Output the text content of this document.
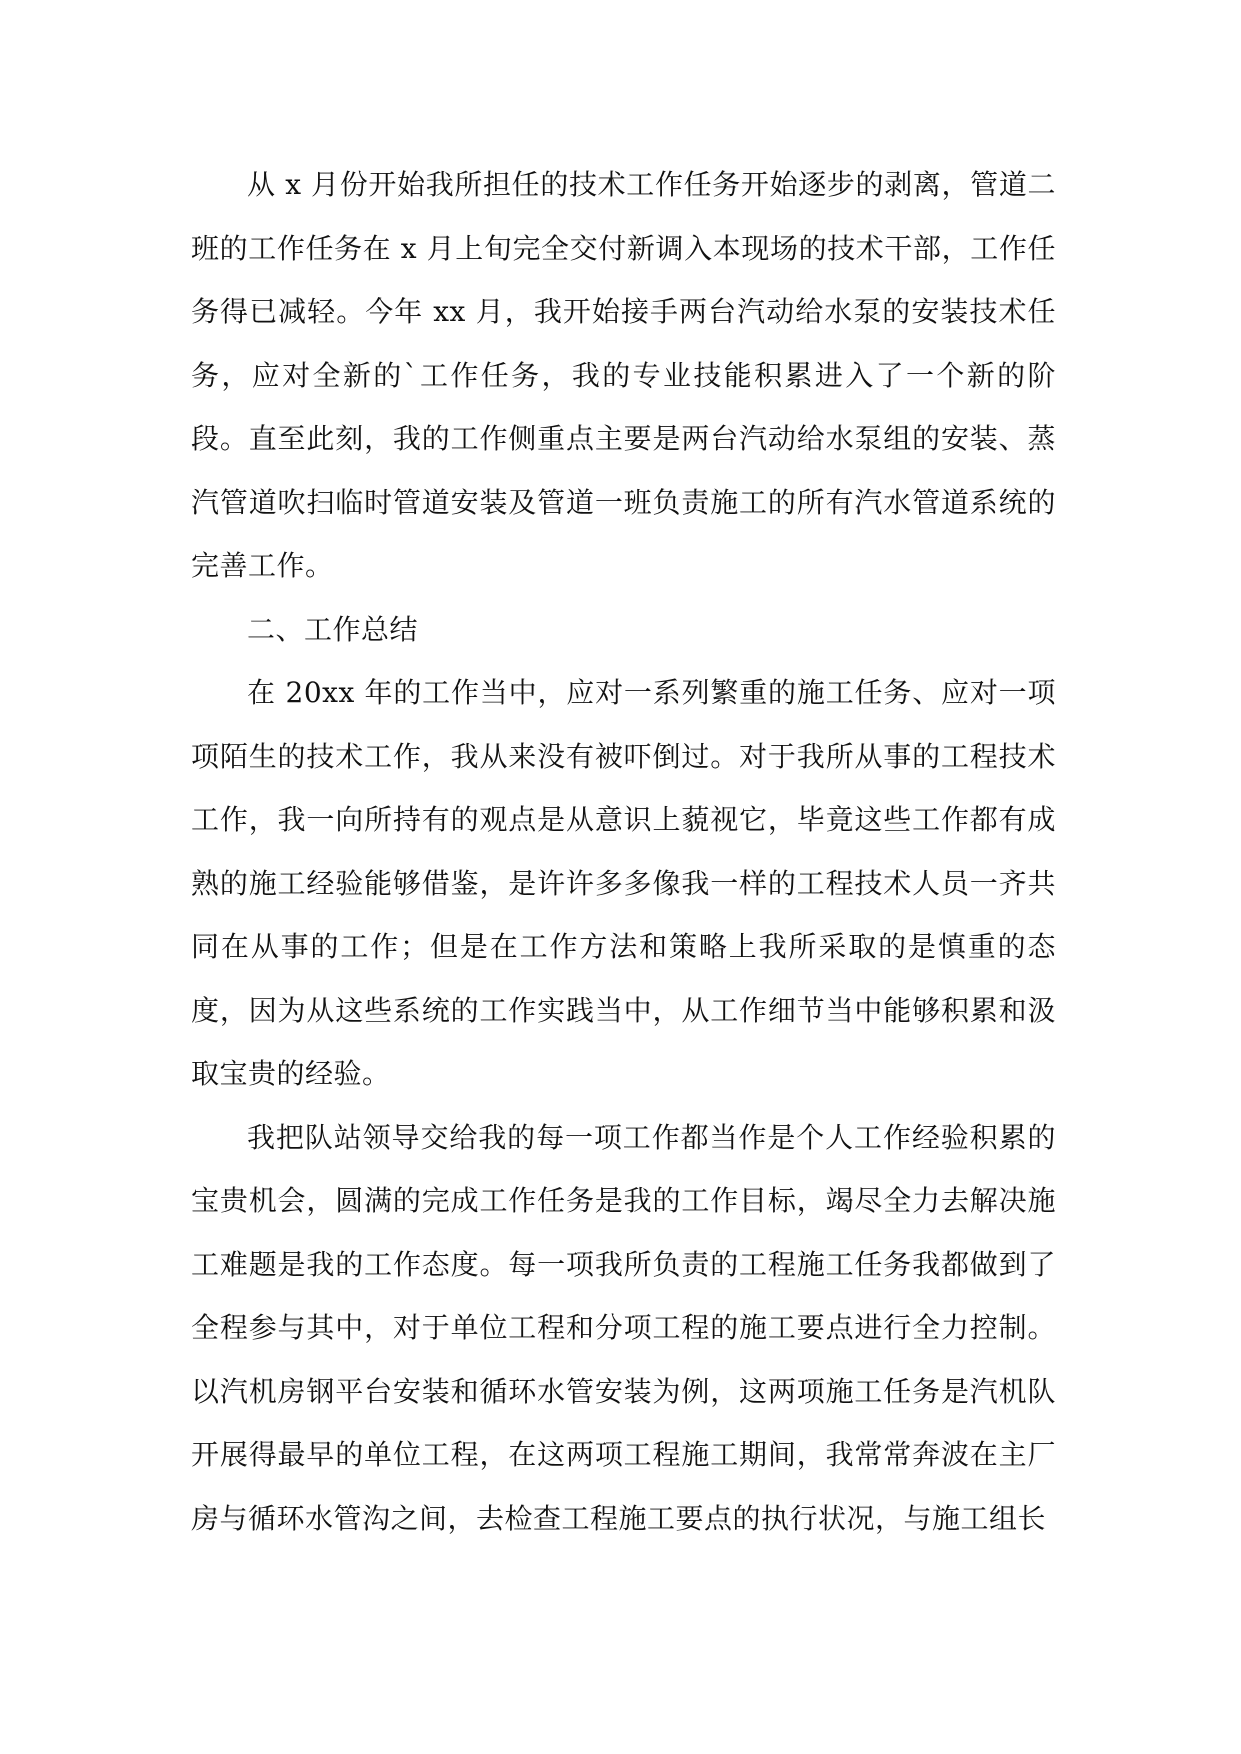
从 x 月份开始我所担任的技术工作任务开始逐步的剥离，管道二班的工作任务在 x 月上旬完全交付新调入本现场的技术干部，工作任务得已减轻。今年 xx 月，我开始接手两台汽动给水泵的安装技术任务，应对全新的`工作任务，我的专业技能积累进入了一个新的阶段。直至此刻，我的工作侧重点主要是两台汽动给水泵组的安装、蒸汽管道吹扫临时管道安装及管道一班负责施工的所有汽水管道系统的完善工作。

二、工作总结

在 20xx 年的工作当中，应对一系列繁重的施工任务、应对一项项陌生的技术工作，我从来没有被吓倒过。对于我所从事的工程技术工作，我一向所持有的观点是从意识上藐视它，毕竟这些工作都有成熟的施工经验能够借鉴，是许许多多像我一样的工程技术人员一齐共同在从事的工作；但是在工作方法和策略上我所采取的是慎重的态度，因为从这些系统的工作实践当中，从工作细节当中能够积累和汲取宝贵的经验。

我把队站领导交给我的每一项工作都当作是个人工作经验积累的宝贵机会，圆满的完成工作任务是我的工作目标，竭尽全力去解决施工难题是我的工作态度。每一项我所负责的工程施工任务我都做到了全程参与其中，对于单位工程和分项工程的施工要点进行全力控制。以汽机房钢平台安装和循环水管安装为例，这两项施工任务是汽机队开展得最早的单位工程，在这两项工程施工期间，我常常奔波在主厂房与循环水管沟之间，去检查工程施工要点的执行状况，与施工组长
